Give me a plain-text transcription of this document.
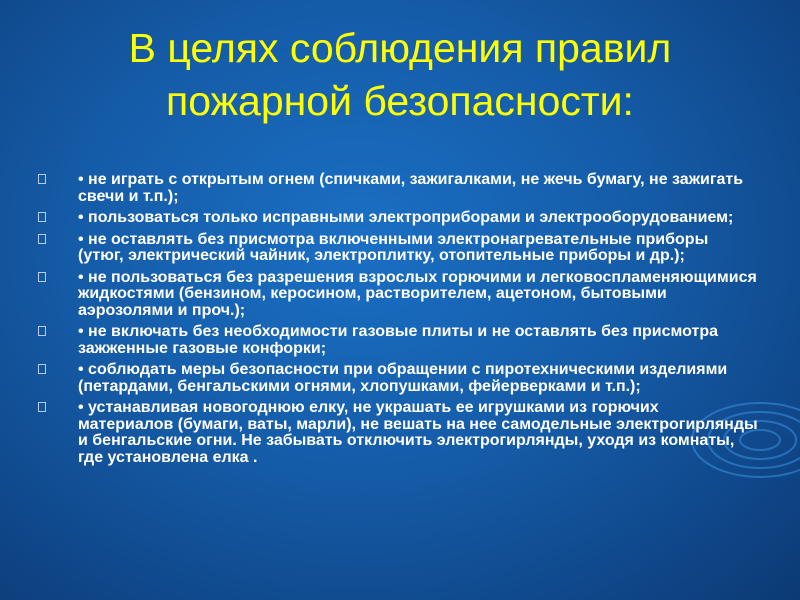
В целях соблюдения правил
пожарной безопасности:
• не играть с открытым огнем (спичками, зажигалками, не жечь бумагу, не зажигать свечи и т.п.);
• пользоваться только исправными электроприборами и электрооборудованием;
• не оставлять без присмотра включенными электронагревательные приборы (утюг, электрический чайник, электроплитку, отопительные приборы и др.);
• не пользоваться без разрешения взрослых горючими и легковоспламеняющимися жидкостями (бензином, керосином, растворителем, ацетоном, бытовыми аэрозолями и проч.);
• не включать без необходимости газовые плиты и не оставлять без присмотра зажженные газовые конфорки;
• соблюдать меры безопасности при обращении с пиротехническими изделиями (петардами, бенгальскими огнями, хлопушками, фейерверками и т.п.);
• устанавливая новогоднюю елку, не украшать ее игрушками из горючих материалов (бумаги, ваты, марли), не вешать на нее самодельные электрогирлянды и бенгальские огни. Не забывать отключить электрогирлянды, уходя из комнаты, где установлена елка .
